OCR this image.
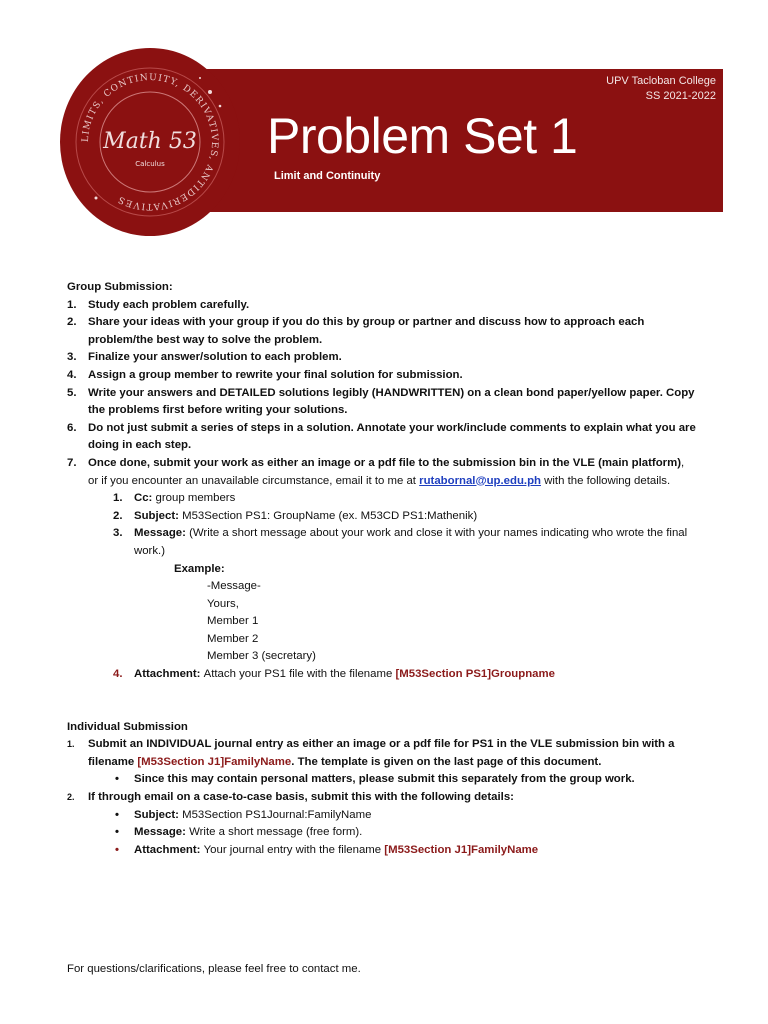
LIMITS, CONTINUITY, DERIVATIVES, ANTIDERIVATIVES
Math 53
Calculus
UPV Tacloban College
SS 2021-2022
Problem Set 1
Limit and Continuity
Group Submission:
1. Study each problem carefully.
2. Share your ideas with your group if you do this by group or partner and discuss how to approach each problem/the best way to solve the problem.
3. Finalize your answer/solution to each problem.
4. Assign a group member to rewrite your final solution for submission.
5. Write your answers and DETAILED solutions legibly (HANDWRITTEN) on a clean bond paper/yellow paper. Copy the problems first before writing your solutions.
6. Do not just submit a series of steps in a solution. Annotate your work/include comments to explain what you are doing in each step.
7. Once done, submit your work as either an image or a pdf file to the submission bin in the VLE (main platform), or if you encounter an unavailable circumstance, email it to me at rutabornal@up.edu.ph with the following details.
1. Cc: group members
2. Subject: M53Section PS1: GroupName (ex. M53CD PS1:Mathenik)
3. Message: (Write a short message about your work and close it with your names indicating who wrote the final work.)
Example:
-Message-
Yours,
Member 1
Member 2
Member 3 (secretary)
4. Attachment: Attach your PS1 file with the filename [M53Section PS1]Groupname
Individual Submission
1. Submit an INDIVIDUAL journal entry as either an image or a pdf file for PS1 in the VLE submission bin with a filename [M53Section J1]FamilyName. The template is given on the last page of this document.
• Since this may contain personal matters, please submit this separately from the group work.
2. If through email on a case-to-case basis, submit this with the following details:
• Subject: M53Section PS1Journal:FamilyName
• Message: Write a short message (free form).
• Attachment: Your journal entry with the filename [M53Section J1]FamilyName
For questions/clarifications, please feel free to contact me.
